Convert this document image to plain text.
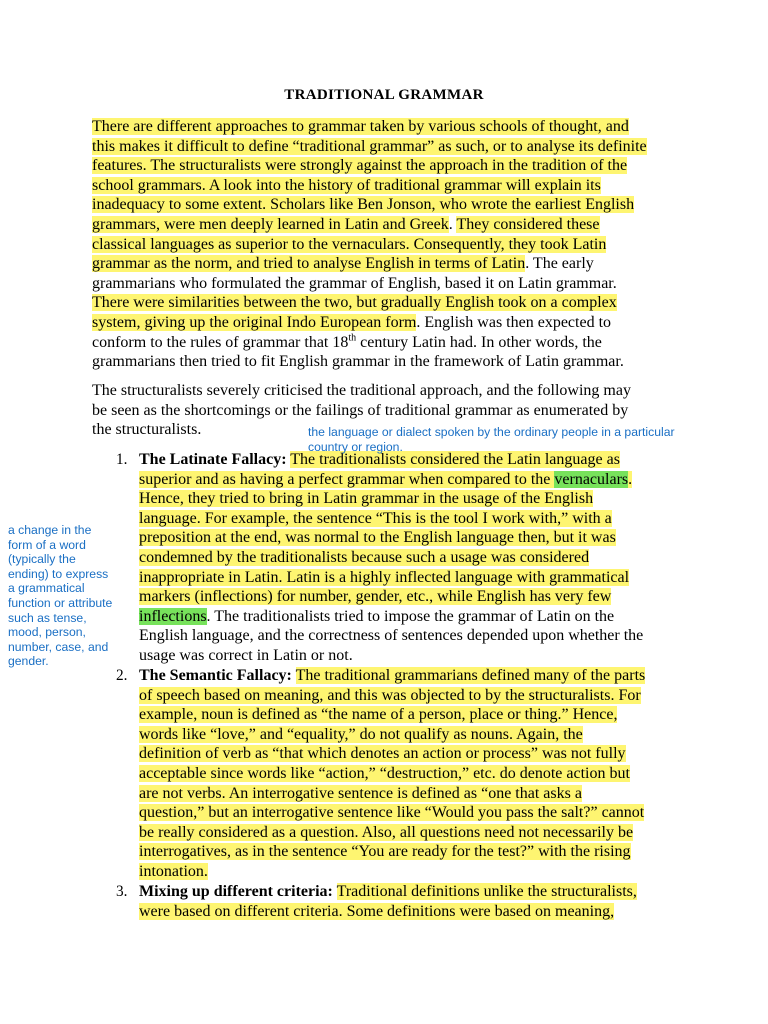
TRADITIONAL GRAMMAR
There are different approaches to grammar taken by various schools of thought, and
this makes it difficult to define “traditional grammar” as such, or to analyse its definite
features. The structuralists were strongly against the approach in the tradition of the
school grammars. A look into the history of traditional grammar will explain its
inadequacy to some extent. Scholars like Ben Jonson, who wrote the earliest English
grammars, were men deeply learned in Latin and Greek. They considered these
classical languages as superior to the vernaculars. Consequently, they took Latin
grammar as the norm, and tried to analyse English in terms of Latin. The early
grammarians who formulated the grammar of English, based it on Latin grammar.
There were similarities between the two, but gradually English took on a complex
system, giving up the original Indo European form. English was then expected to
conform to the rules of grammar that 18th century Latin had. In other words, the
grammarians then tried to fit English grammar in the framework of Latin grammar.
The structuralists severely criticised the traditional approach, and the following may
be seen as the shortcomings or the failings of traditional grammar as enumerated by
the structuralists.
1. The Latinate Fallacy: The traditionalists considered the Latin language as
superior and as having a perfect grammar when compared to the vernaculars.
Hence, they tried to bring in Latin grammar in the usage of the English
language. For example, the sentence “This is the tool I work with,” with a
preposition at the end, was normal to the English language then, but it was
condemned by the traditionalists because such a usage was considered
inappropriate in Latin. Latin is a highly inflected language with grammatical
markers (inflections) for number, gender, etc., while English has very few
inflections. The traditionalists tried to impose the grammar of Latin on the
English language, and the correctness of sentences depended upon whether the
usage was correct in Latin or not.
2. The Semantic Fallacy: The traditional grammarians defined many of the parts
of speech based on meaning, and this was objected to by the structuralists. For
example, noun is defined as “the name of a person, place or thing.” Hence,
words like “love,” and “equality,” do not qualify as nouns. Again, the
definition of verb as “that which denotes an action or process” was not fully
acceptable since words like “action,” “destruction,” etc. do denote action but
are not verbs. An interrogative sentence is defined as “one that asks a
question,” but an interrogative sentence like “Would you pass the salt?” cannot
be really considered as a question. Also, all questions need not necessarily be
interrogatives, as in the sentence “You are ready for the test?” with the rising
intonation.
3. Mixing up different criteria: Traditional definitions unlike the structuralists,
were based on different criteria. Some definitions were based on meaning,
the language or dialect spoken by the ordinary people in a particular
country or region.
a change in the
form of a word
(typically the
ending) to express
a grammatical
function or attribute
such as tense,
mood, person,
number, case, and
gender.
